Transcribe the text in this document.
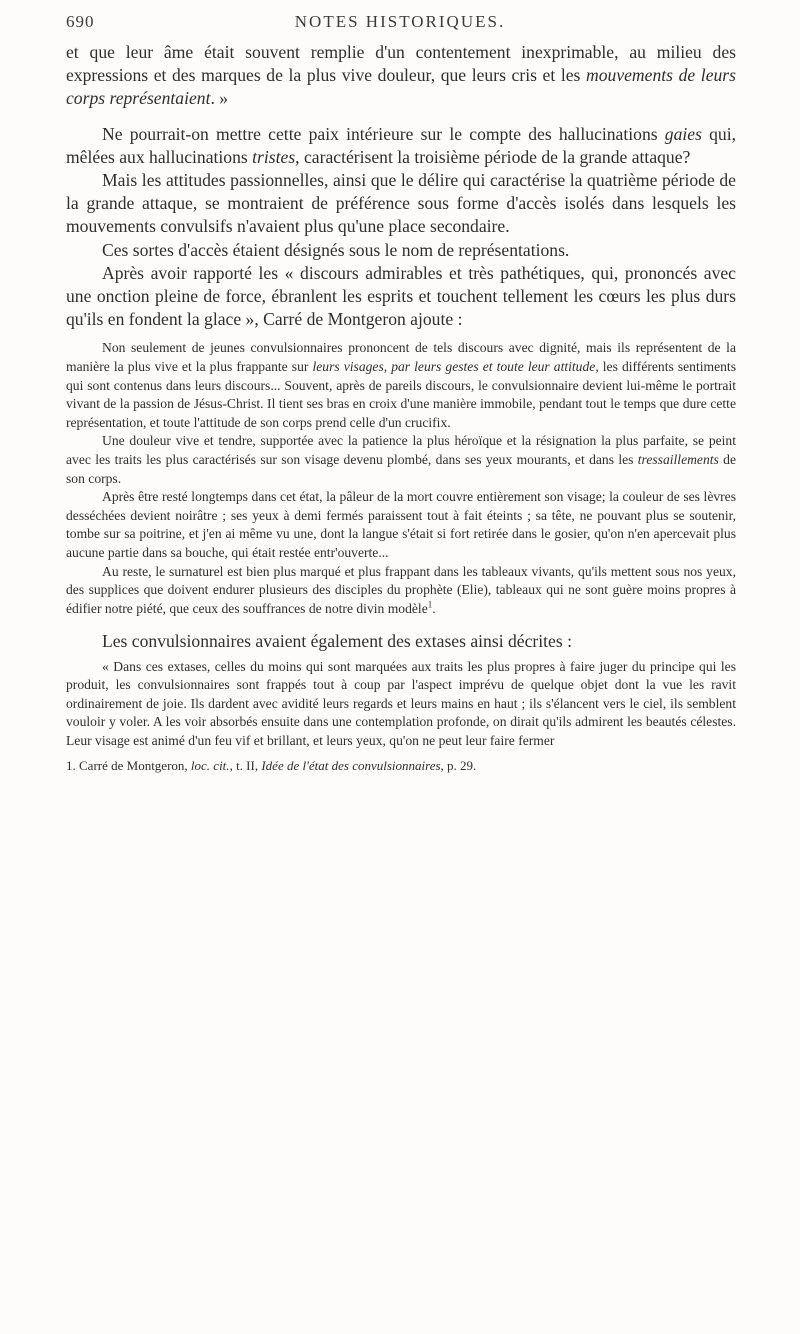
690	NOTES HISTORIQUES.

et que leur âme était souvent remplie d'un contentement inexprimable, au milieu des expressions et des marques de la plus vive douleur, que leurs cris et les mouvements de leurs corps représentaient. »

Ne pourrait-on mettre cette paix intérieure sur le compte des hallucinations gaies qui, mêlées aux hallucinations tristes, caractérisent la troisième période de la grande attaque?

Mais les attitudes passionnelles, ainsi que le délire qui caractérise la quatrième période de la grande attaque, se montraient de préférence sous forme d'accès isolés dans lesquels les mouvements convulsifs n'avaient plus qu'une place secondaire.

Ces sortes d'accès étaient désignés sous le nom de représentations.

Après avoir rapporté les « discours admirables et très pathétiques, qui, prononcés avec une onction pleine de force, ébranlent les esprits et touchent tellement les cœurs les plus durs qu'ils en fondent la glace », Carré de Montgeron ajoute :

Non seulement de jeunes convulsionnaires prononcent de tels discours avec dignité, mais ils représentent de la manière la plus vive et la plus frappante sur leurs visages, par leurs gestes et toute leur attitude, les différents sentiments qui sont contenus dans leurs discours... Souvent, après de pareils discours, le convulsionnaire devient lui-même le portrait vivant de la passion de Jésus-Christ. Il tient ses bras en croix d'une manière immobile, pendant tout le temps que dure cette représentation, et toute l'attitude de son corps prend celle d'un crucifix.

Une douleur vive et tendre, supportée avec la patience la plus héroïque et la résignation la plus parfaite, se peint avec les traits les plus caractérisés sur son visage devenu plombé, dans ses yeux mourants, et dans les tressaillements de son corps.

Après être resté longtemps dans cet état, la pâleur de la mort couvre entièrement son visage; la couleur de ses lèvres desséchées devient noirâtre ; ses yeux à demi fermés paraissent tout à fait éteints ; sa tête, ne pouvant plus se soutenir, tombe sur sa poitrine, et j'en ai même vu une, dont la langue s'était si fort retirée dans le gosier, qu'on n'en apercevait plus aucune partie dans sa bouche, qui était restée entr'ouverte...

Au reste, le surnaturel est bien plus marqué et plus frappant dans les tableaux vivants, qu'ils mettent sous nos yeux, des supplices que doivent endurer plusieurs des disciples du prophète (Elie), tableaux qui ne sont guère moins propres à édifier notre piété, que ceux des souffrances de notre divin modèle$^1$.

Les convulsionnaires avaient également des extases ainsi décrites :

« Dans ces extases, celles du moins qui sont marquées aux traits les plus propres à faire juger du principe qui les produit, les convulsionnaires sont frappés tout à coup par l'aspect imprévu de quelque objet dont la vue les ravit ordinairement de joie. Ils dardent avec avidité leurs regards et leurs mains en haut ; ils s'élancent vers le ciel, ils semblent vouloir y voler. A les voir absorbés ensuite dans une contemplation profonde, on dirait qu'ils admirent les beautés célestes. Leur visage est animé d'un feu vif et brillant, et leurs yeux, qu'on ne peut leur faire fermer

1. Carré de Montgeron, loc. cit., t. II, Idée de l'état des convulsionnaires, p. 29.
